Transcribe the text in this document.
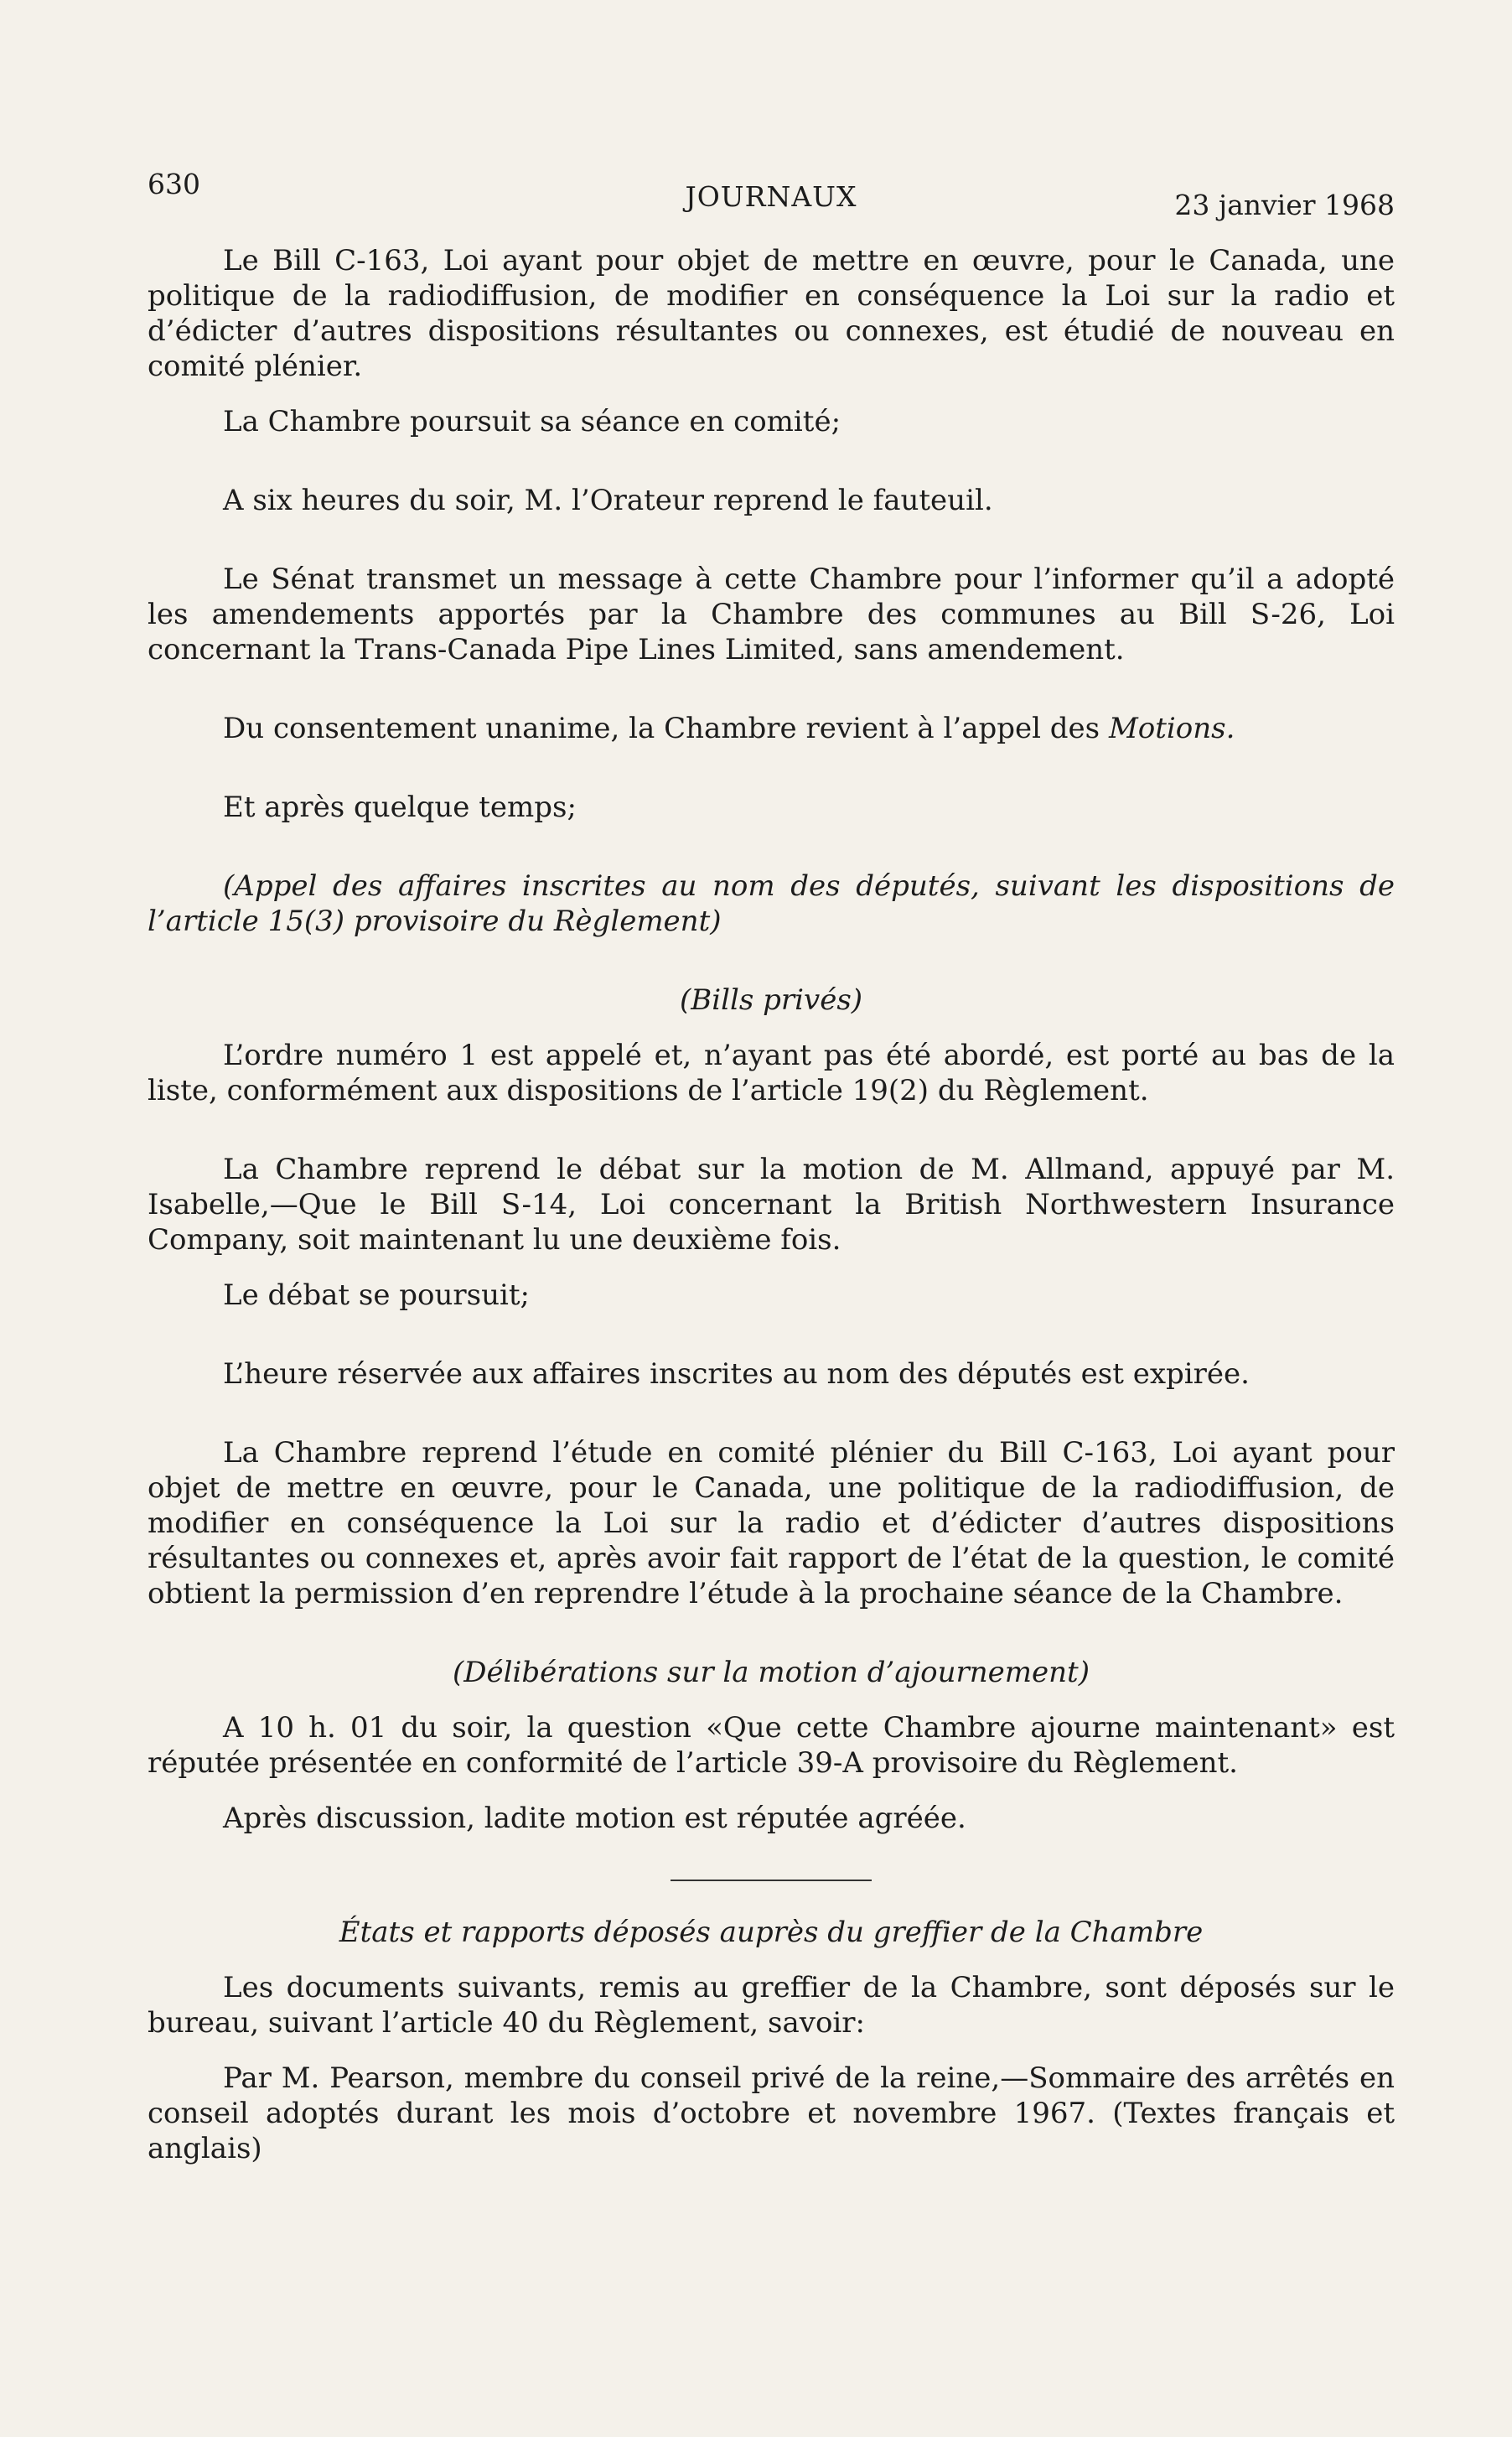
630	JOURNAUX	23 janvier 1968

Le Bill C-163, Loi ayant pour objet de mettre en œuvre, pour le Canada, une politique de la radiodiffusion, de modifier en conséquence la Loi sur la radio et d’édicter d’autres dispositions résultantes ou connexes, est étudié de nouveau en comité plénier.

La Chambre poursuit sa séance en comité;

A six heures du soir, M. l’Orateur reprend le fauteuil.

Le Sénat transmet un message à cette Chambre pour l’informer qu’il a adopté les amendements apportés par la Chambre des communes au Bill S-26, Loi concernant la Trans-Canada Pipe Lines Limited, sans amendement.

Du consentement unanime, la Chambre revient à l’appel des Motions.

Et après quelque temps;

(Appel des affaires inscrites au nom des députés, suivant les dispositions de l’article 15(3) provisoire du Règlement)

(Bills privés)

L’ordre numéro 1 est appelé et, n’ayant pas été abordé, est porté au bas de la liste, conformément aux dispositions de l’article 19(2) du Règlement.

La Chambre reprend le débat sur la motion de M. Allmand, appuyé par M. Isabelle,—Que le Bill S-14, Loi concernant la British Northwestern Insurance Company, soit maintenant lu une deuxième fois.

Le débat se poursuit;

L’heure réservée aux affaires inscrites au nom des députés est expirée.

La Chambre reprend l’étude en comité plénier du Bill C-163, Loi ayant pour objet de mettre en œuvre, pour le Canada, une politique de la radiodiffusion, de modifier en conséquence la Loi sur la radio et d’édicter d’autres dispositions résultantes ou connexes et, après avoir fait rapport de l’état de la question, le comité obtient la permission d’en reprendre l’étude à la prochaine séance de la Chambre.

(Délibérations sur la motion d’ajournement)

A 10 h. 01 du soir, la question «Que cette Chambre ajourne maintenant» est réputée présentée en conformité de l’article 39-A provisoire du Règlement.

Après discussion, ladite motion est réputée agréée.

États et rapports déposés auprès du greffier de la Chambre

Les documents suivants, remis au greffier de la Chambre, sont déposés sur le bureau, suivant l’article 40 du Règlement, savoir:

Par M. Pearson, membre du conseil privé de la reine,—Sommaire des arrêtés en conseil adoptés durant les mois d’octobre et novembre 1967. (Textes français et anglais)
